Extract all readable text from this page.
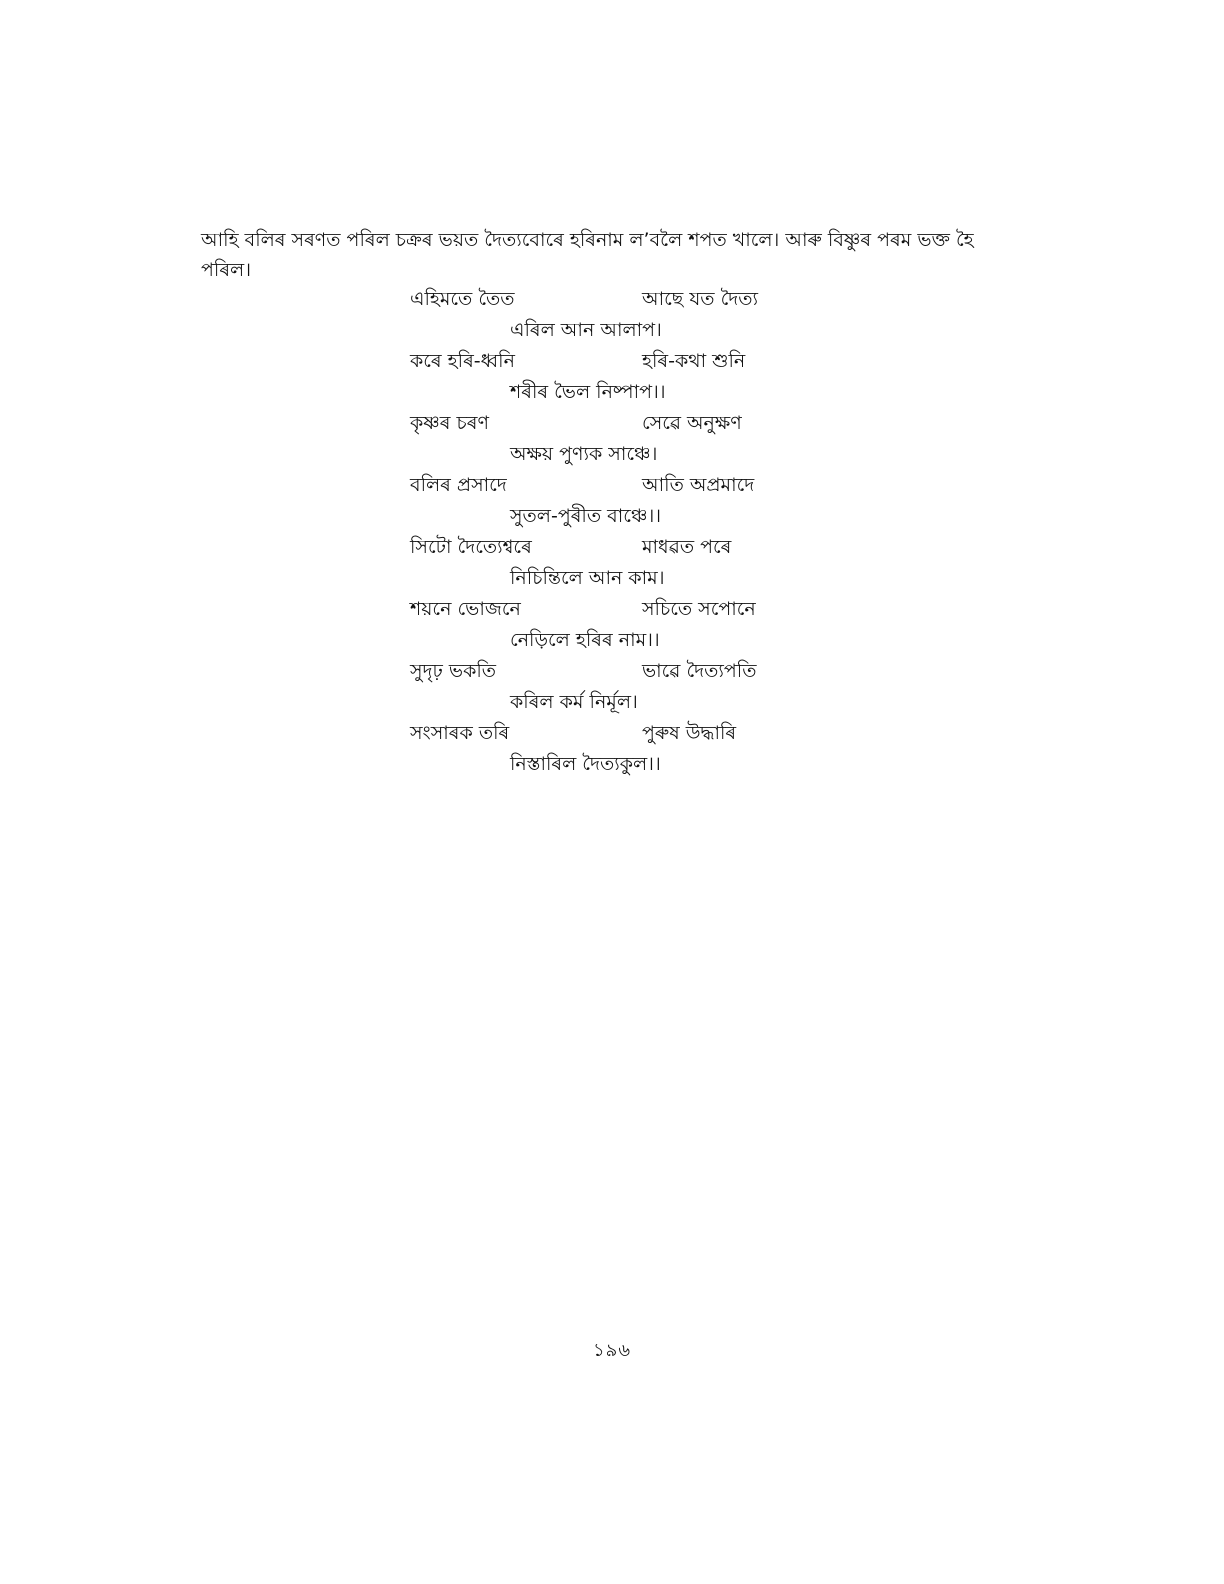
আহি বলিৰ সৰণত পৰিল চক্ৰৰ ভয়ত দৈত্যবোৰে হৰিনাম ল’বলৈ শপত খালে। আৰু বিষ্ণুৰ পৰম ভক্ত হৈ পৰিল।

এহিমতে তৈত	আছে যত দৈত্য
এৰিল আন আলাপ।
কৰে হৰি-ধ্বনি	হৰি-কথা শুনি
শৰীৰ ভৈল নিষ্পাপ।।
কৃষ্ণৰ চৰণ	সেৱে অনুক্ষণ
অক্ষয় পুণ্যক সাঞ্চে।
বলিৰ প্ৰসাদে	আতি অপ্ৰমাদে
সুতল-পুৰীত বাঞ্চে।।
সিটো দৈত্যেশ্বৰে	মাধৱত পৰে
নিচিন্তিলে আন কাম।
শয়নে ভোজনে	সচিতে সপোনে
নেড়িলে হৰিৰ নাম।।
সুদৃঢ় ভকতি	ভাৱে দৈত্যপতি
কৰিল কৰ্ম নিৰ্মূল।
সংসাৰক তৰি	পুৰুষ উদ্ধাৰি
নিস্তাৰিল দৈত্যকুল।।
১৯৬
